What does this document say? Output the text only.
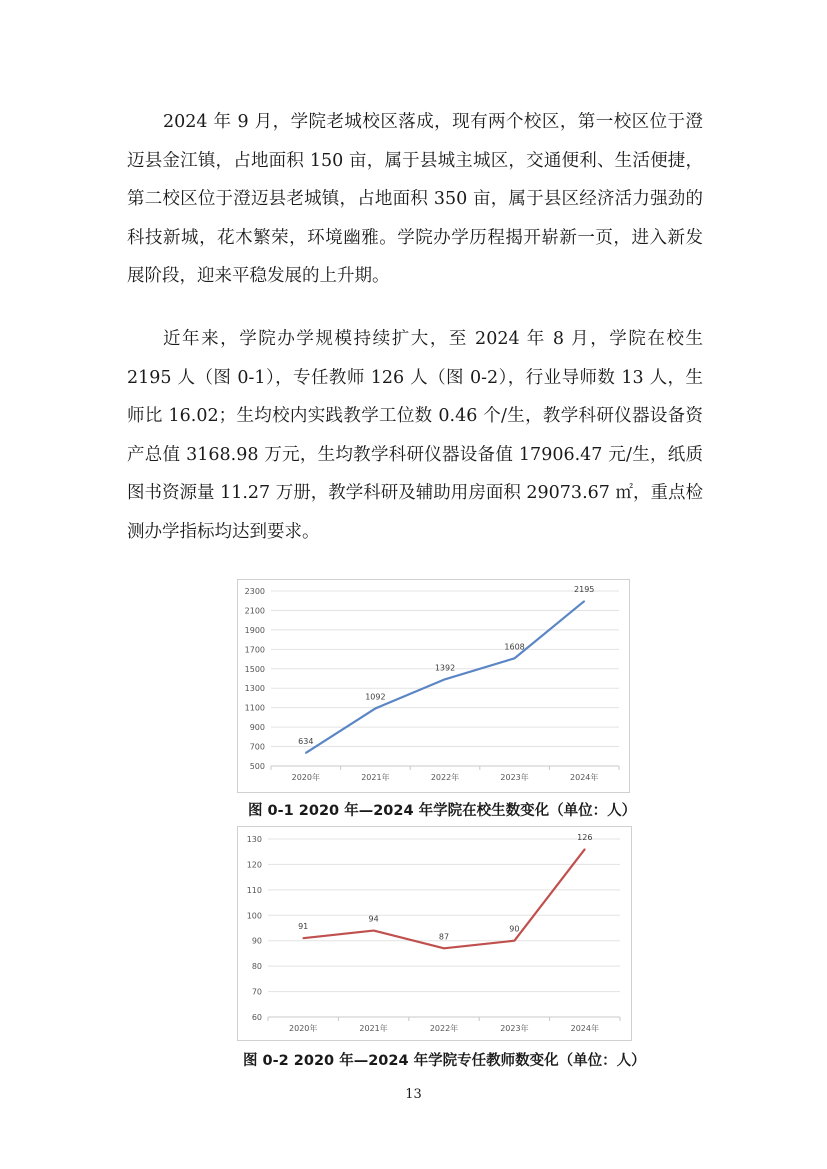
2024 年 9 月，学院老城校区落成，现有两个校区，第一校区位于澄迈县金江镇，占地面积 150 亩，属于县城主城区，交通便利、生活便捷，第二校区位于澄迈县老城镇，占地面积 350 亩，属于县区经济活力强劲的科技新城，花木繁荣，环境幽雅。学院办学历程揭开崭新一页，进入新发展阶段，迎来平稳发展的上升期。

近年来，学院办学规模持续扩大，至 2024 年 8 月，学院在校生 2195 人（图 0-1），专任教师 126 人（图 0-2），行业导师数 13 人，生师比 16.02；生均校内实践教学工位数 0.46 个/生，教学科研仪器设备资产总值 3168.98 万元，生均教学科研仪器设备值 17906.47 元/生，纸质图书资源量 11.27 万册，教学科研及辅助用房面积 29073.67 ㎡，重点检测办学指标均达到要求。

500
700
900
1100
1300
1500
1700
1900
2100
2300
2020年	2021年	2022年	2023年	2024年
634
1092
1392
1608
2195
图 0-1 2020 年—2024 年学院在校生数变化（单位：人）
60
70
80
90
100
110
120
130
2020年	2021年	2022年	2023年	2024年
91
94
87
90
126
图 0-2 2020 年—2024 年学院专任教师数变化（单位：人）
13
